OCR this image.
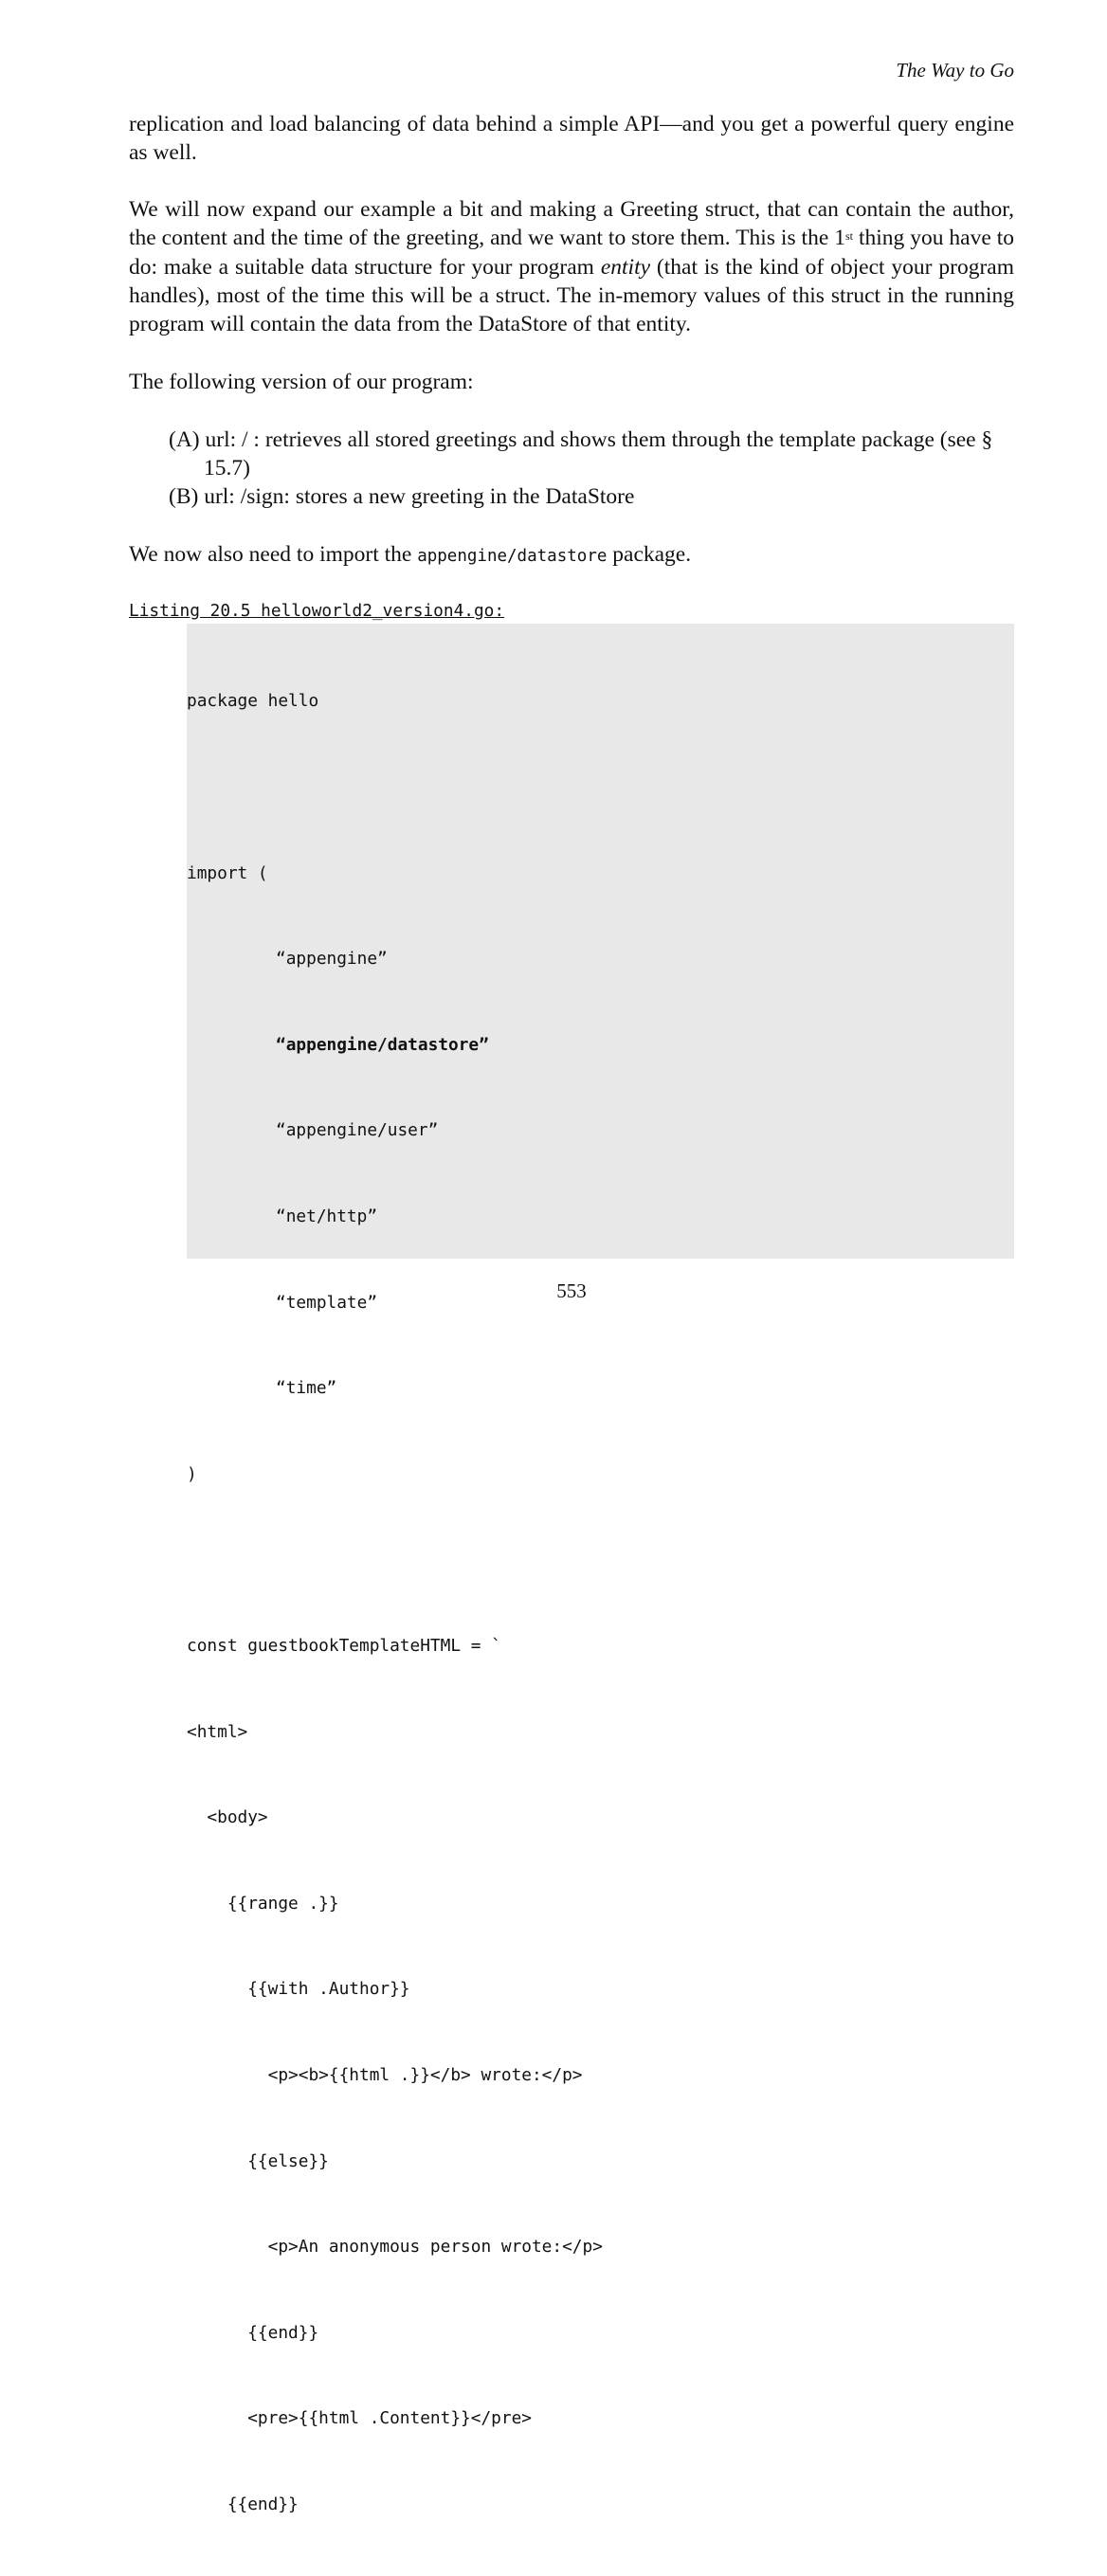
The Way to Go
replication and load balancing of data behind a simple API—and you get a powerful query engine as well.
We will now expand our example a bit and making a Greeting struct, that can contain the author, the content and the time of the greeting, and we want to store them. This is the 1st thing you have to do: make a suitable data structure for your program entity (that is the kind of object your program handles), most of the time this will be a struct. The in-memory values of this struct in the running program will contain the data from the DataStore of that entity.
The following version of our program:
(A) url: / : retrieves all stored greetings and shows them through the template package (see §
15.7)
(B) url: /sign: stores a new greeting in the DataStore
We now also need to import the appengine/datastore package.
Listing 20.5 helloworld2_version4.go:

package hello

import (

“appengine”

“appengine/datastore”

“appengine/user”

“net/http”

“template”

“time”

)

const guestbookTemplateHTML = `

<html>

<body>

{{range .}}

{{with .Author}}

<p><b>{{html .}}</b> wrote:</p>

{{else}}

<p>An anonymous person wrote:</p>

{{end}}

<pre>{{html .Content}}</pre>

{{end}}

553
